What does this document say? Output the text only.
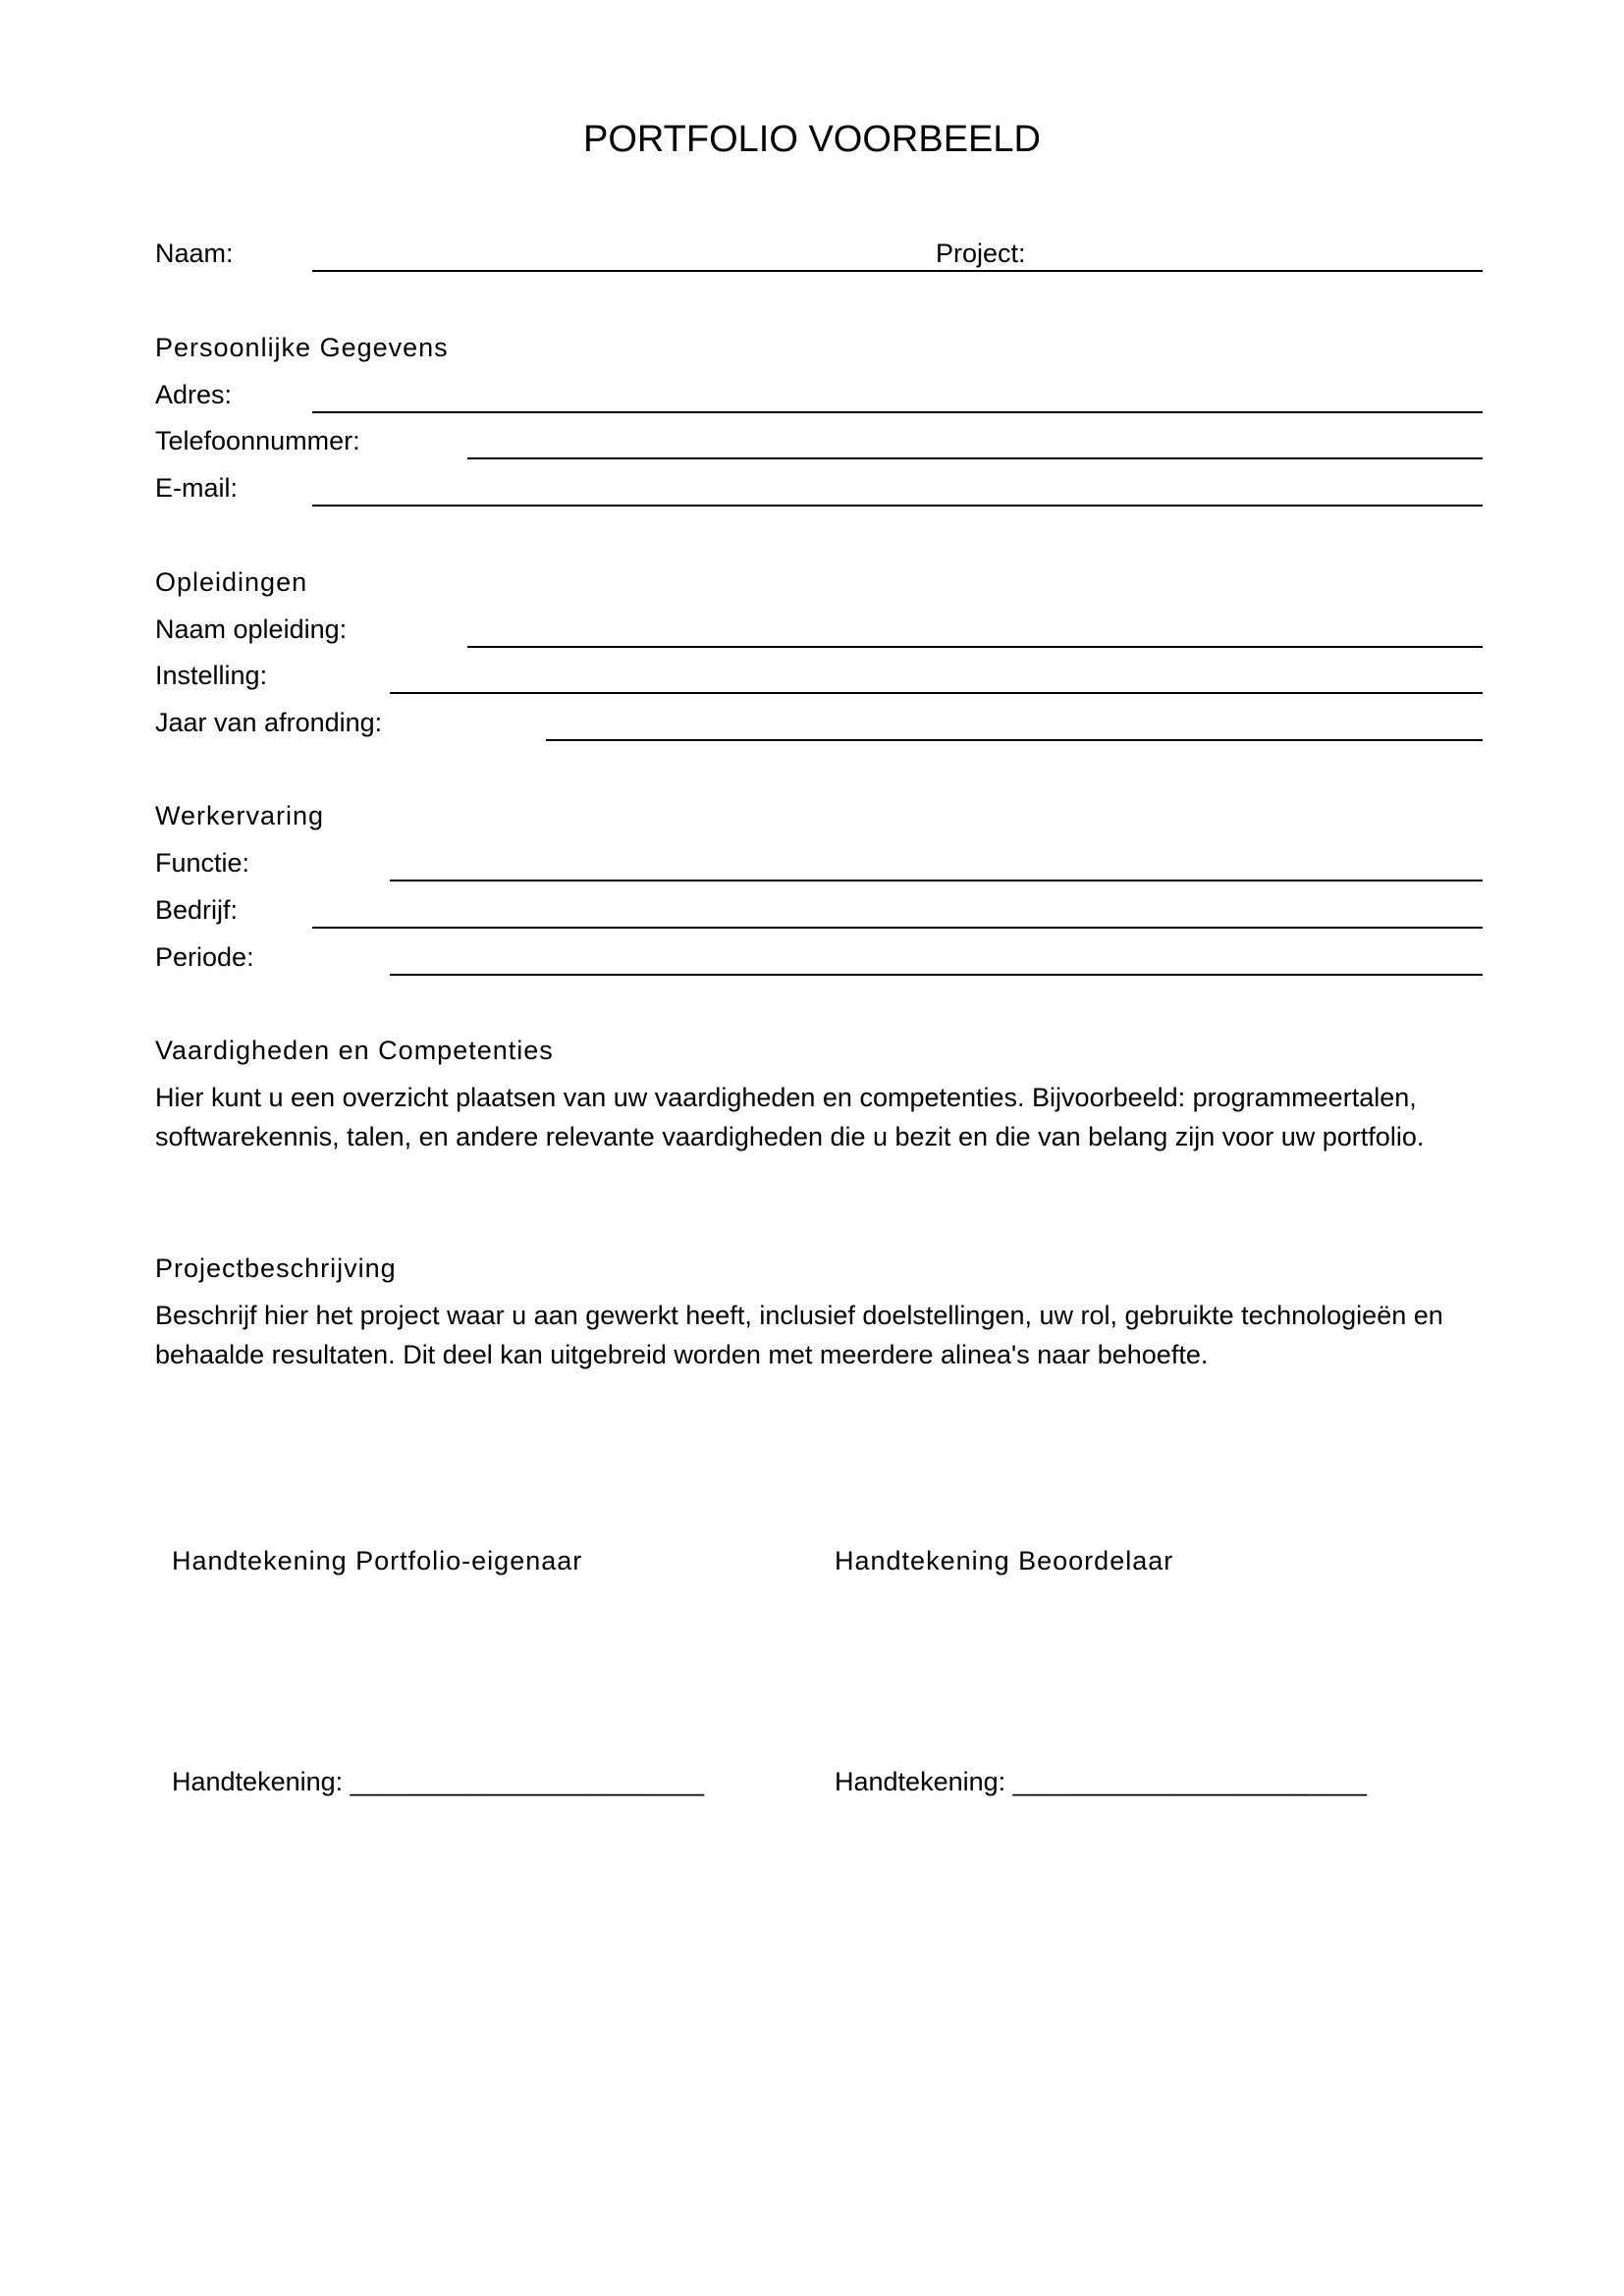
PORTFOLIO VOORBEELD
Naam:	Project:
Persoonlijke Gegevens
Adres:
Telefoonnummer:
E-mail:
Opleidingen
Naam opleiding:
Instelling:
Jaar van afronding:
Werkervaring
Functie:
Bedrijf:
Periode:
Vaardigheden en Competenties
Hier kunt u een overzicht plaatsen van uw vaardigheden en competenties. Bijvoorbeeld: programmeertalen, softwarekennis, talen, en andere relevante vaardigheden die u bezit en die van belang zijn voor uw portfolio.
Projectbeschrijving
Beschrijf hier het project waar u aan gewerkt heeft, inclusief doelstellingen, uw rol, gebruikte technologieën en behaalde resultaten. Dit deel kan uitgebreid worden met meerdere alinea's naar behoefte.
Handtekening Portfolio-eigenaar	Handtekening Beoordelaar
Handtekening: ________________________	Handtekening: ________________________
